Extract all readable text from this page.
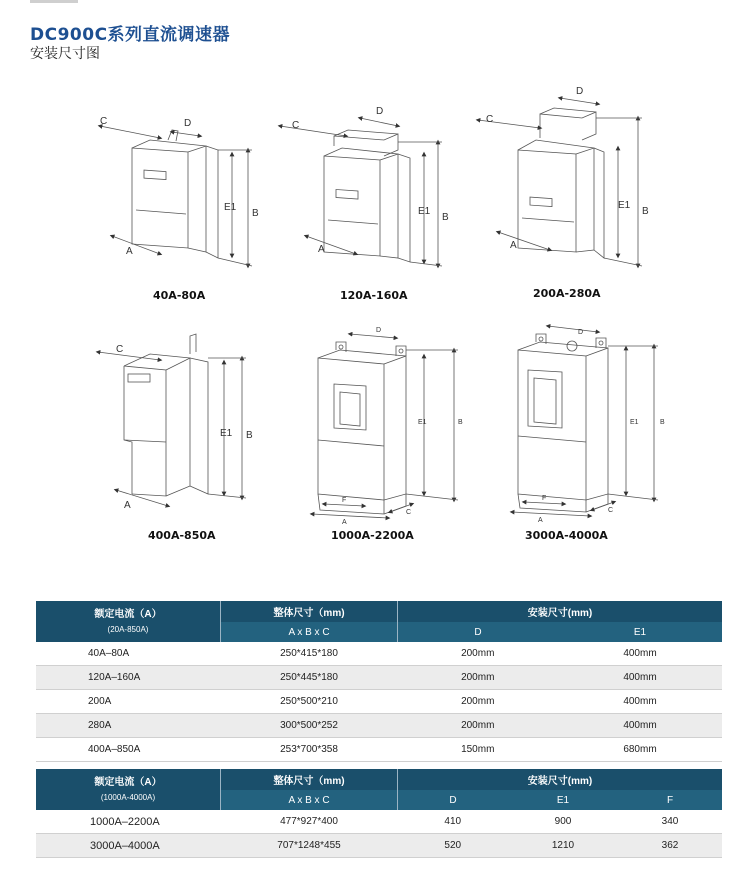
DC900C系列直流调速器
安装尺寸图
C	D
E1
B
A
C
D
E1
B
A
C
D
E1
B
A
C
E1 B
A
D
E1	B
F
A
C
D
E1	B
F
A
C
40A-80A	120A-160A	200A-280A
400A-850A	1000A-2200A	3000A-4000A
额定电流（A）
(20A-850A)	整体尺寸（mm)	安装尺寸(mm)	
	A x B x C	D	E1
40A–80A	250*415*180	200mm	400mm
120A–160A	250*445*180	200mm	400mm
200A	250*500*210	200mm	400mm
280A	300*500*252	200mm	400mm
400A–850A	253*700*358	150mm	680mm
额定电流（A）
(1000A-4000A)	整体尺寸（mm)	安装尺寸(mm)		
	A x B x C	D	E1	F
1000A–2200A	477*927*400	410	900	340
3000A–4000A	707*1248*455	520	1210	362
